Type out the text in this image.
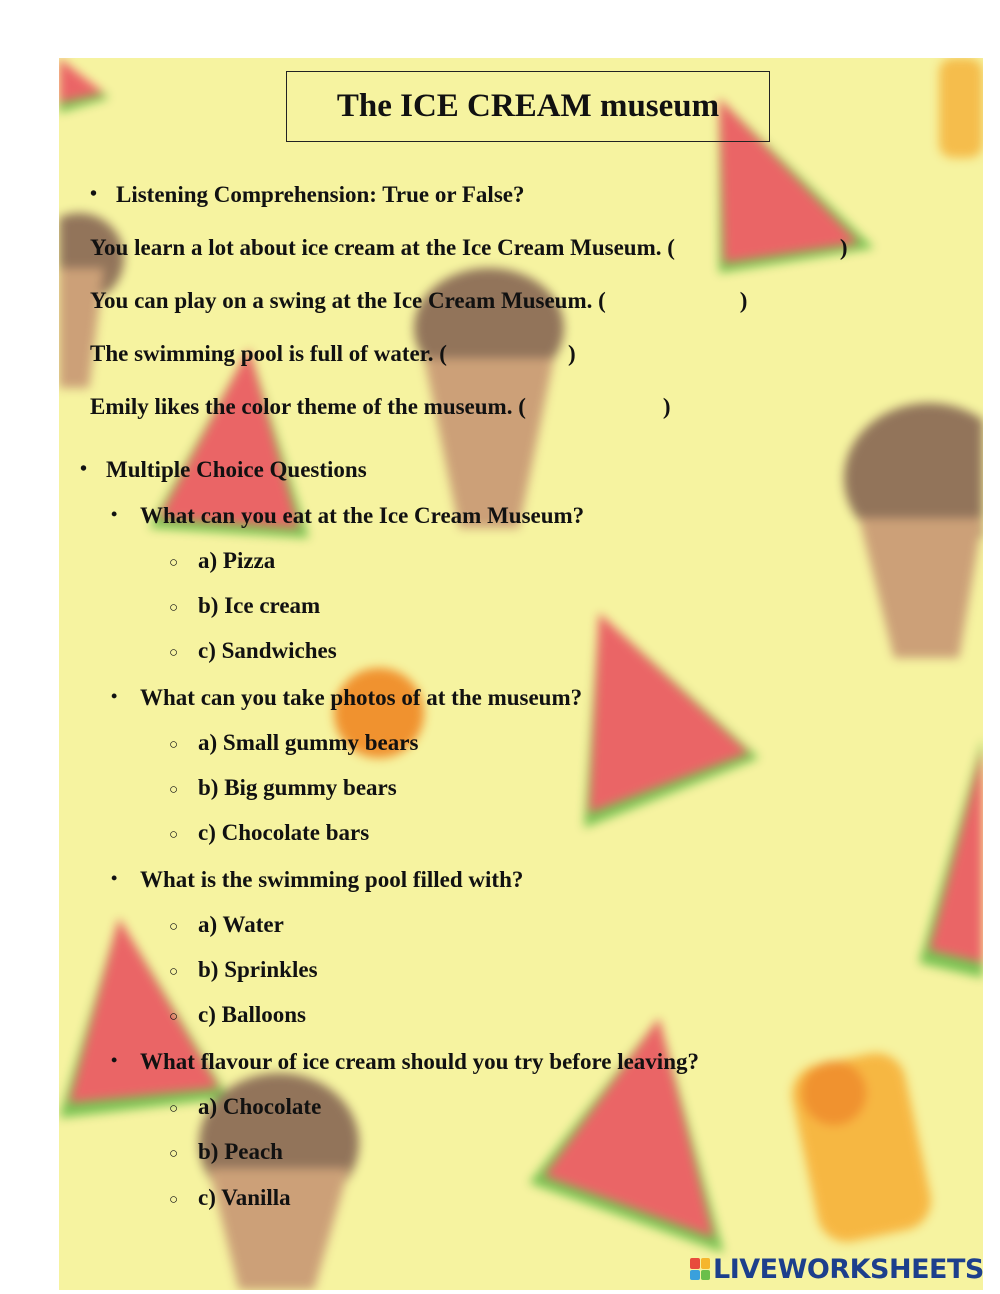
The ICE CREAM museum
• Listening Comprehension: True or False?
You learn a lot about ice cream at the Ice Cream Museum. (	)
You can play on a swing at the Ice Cream Museum. (	)
The swimming pool is full of water. (	)
Emily likes the color theme of the museum. (	)
• Multiple Choice Questions
• What can you eat at the Ice Cream Museum?
○ a) Pizza
○ b) Ice cream
○ c) Sandwiches
• What can you take photos of at the museum?
○ a) Small gummy bears
○ b) Big gummy bears
○ c) Chocolate bars
• What is the swimming pool filled with?
○ a) Water
○ b) Sprinkles
○ c) Balloons
• What flavour of ice cream should you try before leaving?
○ a) Chocolate
○ b) Peach
○ c) Vanilla
LIVEWORKSHEETS
